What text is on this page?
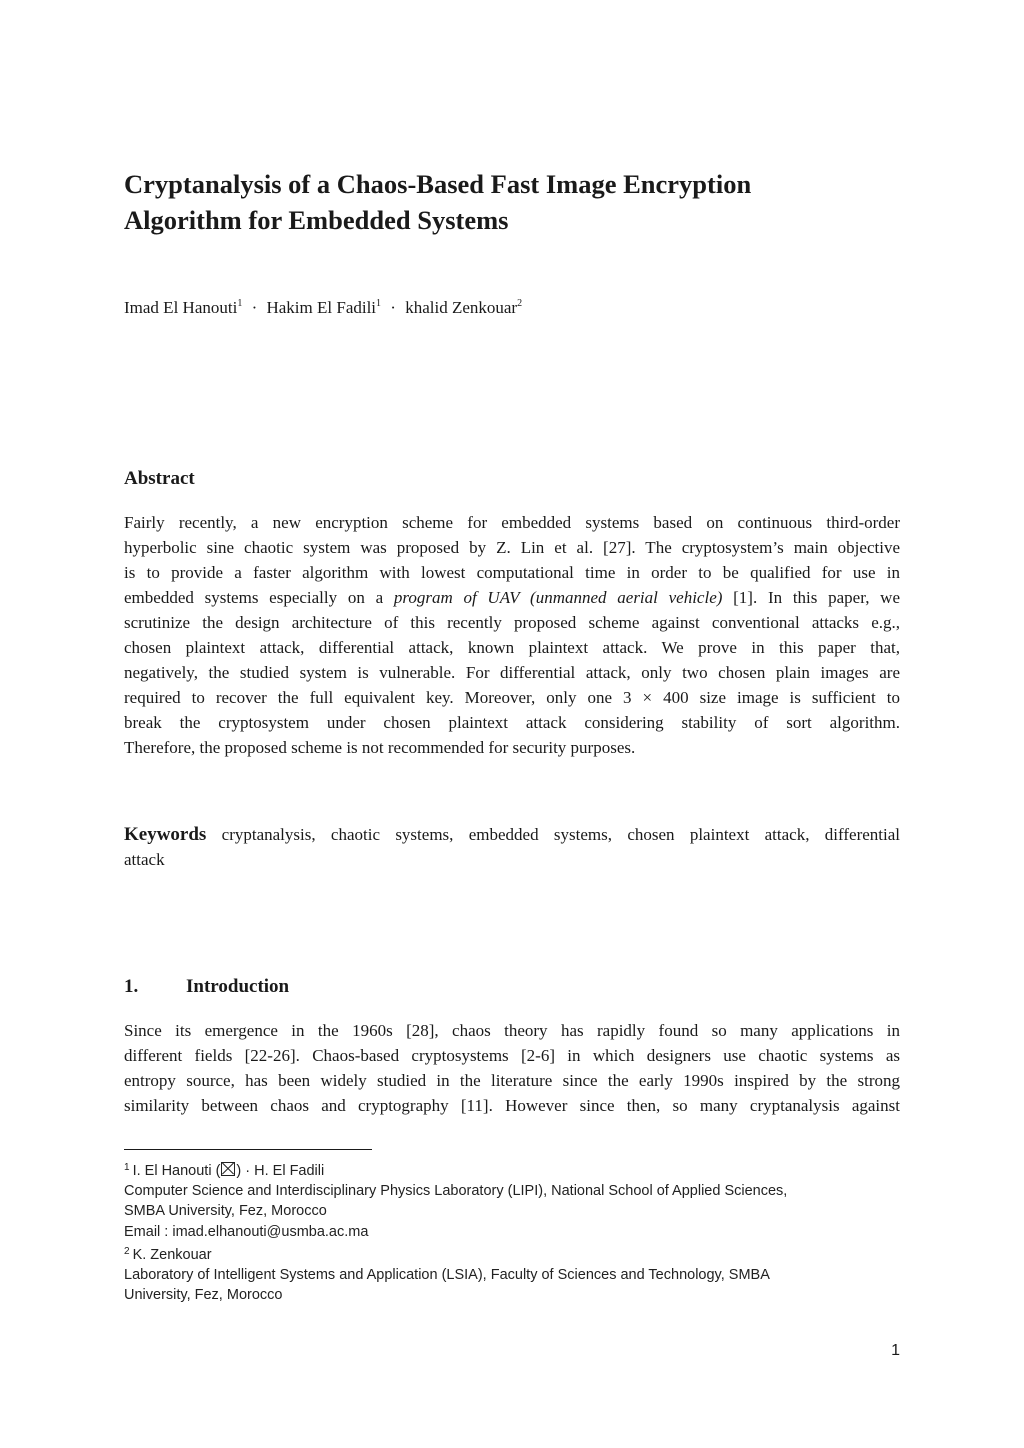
Cryptanalysis of a Chaos-Based Fast Image Encryption
Algorithm for Embedded Systems
Imad El Hanouti$^1$ · Hakim El Fadili$^1$ · khalid Zenkouar$^2$
Abstract
Fairly recently, a new encryption scheme for embedded systems based on continuous third-order
hyperbolic sine chaotic system was proposed by Z. Lin et al. [27]. The cryptosystem’s main objective
is to provide a faster algorithm with lowest computational time in order to be qualified for use in
embedded systems especially on a program of UAV (unmanned aerial vehicle) [1]. In this paper, we
scrutinize the design architecture of this recently proposed scheme against conventional attacks e.g.,
chosen plaintext attack, differential attack, known plaintext attack. We prove in this paper that,
negatively, the studied system is vulnerable. For differential attack, only two chosen plain images are
required to recover the full equivalent key. Moreover, only one 3 × 400 size image is sufficient to
break the cryptosystem under chosen plaintext attack considering stability of sort algorithm.
Therefore, the proposed scheme is not recommended for security purposes.
Keywords cryptanalysis, chaotic systems, embedded systems, chosen plaintext attack, differential
attack
1.	Introduction
Since its emergence in the 1960s [28], chaos theory has rapidly found so many applications in
different fields [22-26]. Chaos-based cryptosystems [2-6] in which designers use chaotic systems as
entropy source, has been widely studied in the literature since the early 1990s inspired by the strong
similarity between chaos and cryptography [11]. However since then, so many cryptanalysis against
$^1$ I. El Hanouti ( ) · H. El Fadili
Computer Science and Interdisciplinary Physics Laboratory (LIPI), National School of Applied Sciences,
SMBA University, Fez, Morocco
Email : imad.elhanouti@usmba.ac.ma
$^2$ K. Zenkouar
Laboratory of Intelligent Systems and Application (LSIA), Faculty of Sciences and Technology, SMBA
University, Fez, Morocco
1
